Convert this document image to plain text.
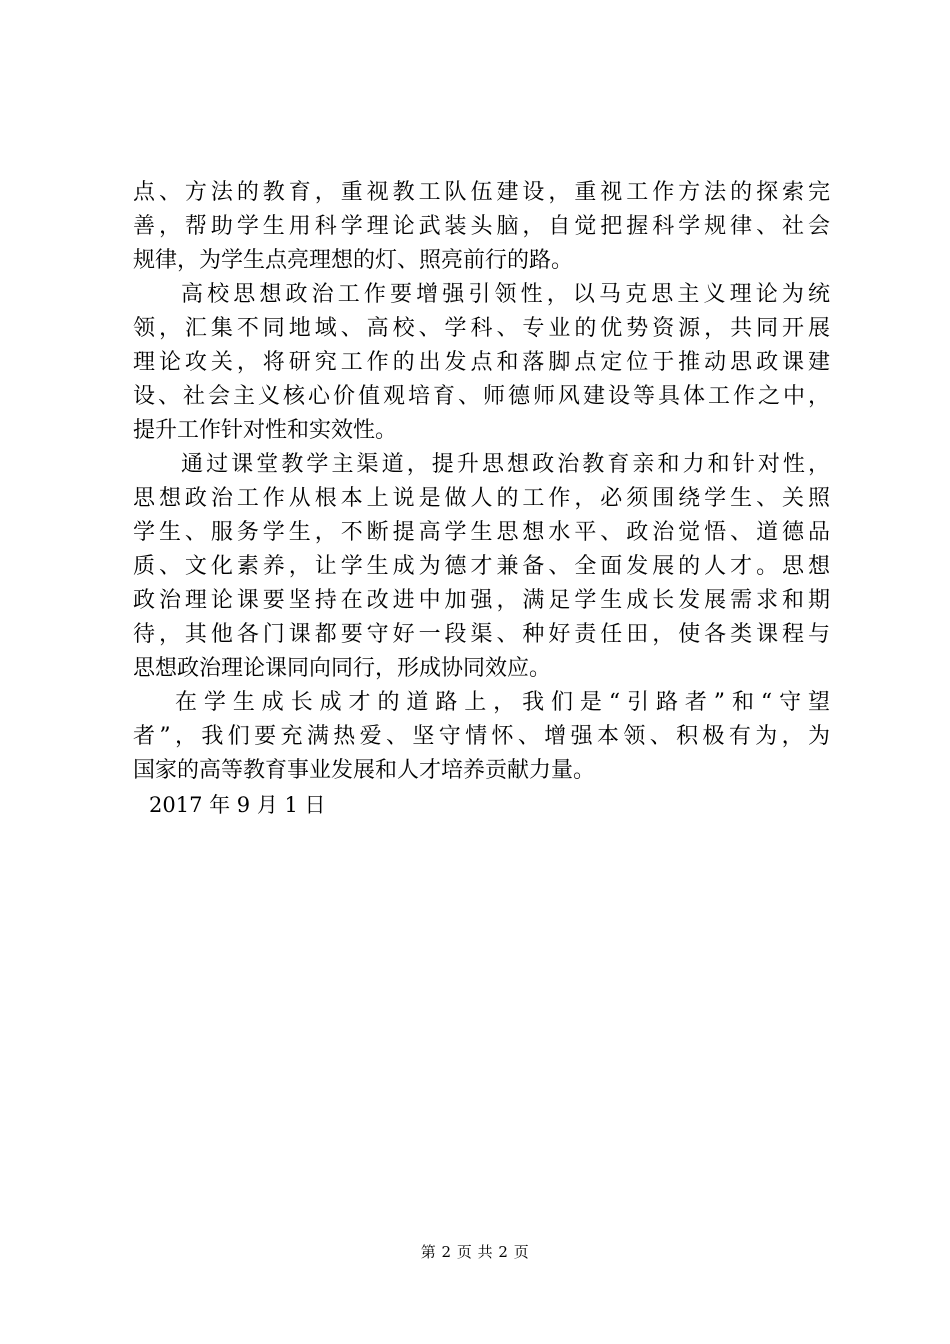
点、方法的教育，重视教工队伍建设，重视工作方法的探索完
善，帮助学生用科学理论武装头脑，自觉把握科学规律、社会
规律，为学生点亮理想的灯、照亮前行的路。
高校思想政治工作要增强引领性，以马克思主义理论为统
领，汇集不同地域、高校、学科、专业的优势资源，共同开展
理论攻关，将研究工作的出发点和落脚点定位于推动思政课建
设、社会主义核心价值观培育、师德师风建设等具体工作之中，
提升工作针对性和实效性。
通过课堂教学主渠道，提升思想政治教育亲和力和针对性，
思想政治工作从根本上说是做人的工作，必须围绕学生、关照
学生、服务学生，不断提高学生思想水平、政治觉悟、道德品
质、文化素养，让学生成为德才兼备、全面发展的人才。思想
政治理论课要坚持在改进中加强，满足学生成长发展需求和期
待，其他各门课都要守好一段渠、种好责任田，使各类课程与
思想政治理论课同向同行，形成协同效应。
在学生成长成才的道路上，我们是“引路者”和“守望
者”，我们要充满热爱、坚守情怀、增强本领、积极有为，为
国家的高等教育事业发展和人才培养贡献力量。
2017 年 9 月 1 日
第 2 页 共 2 页
